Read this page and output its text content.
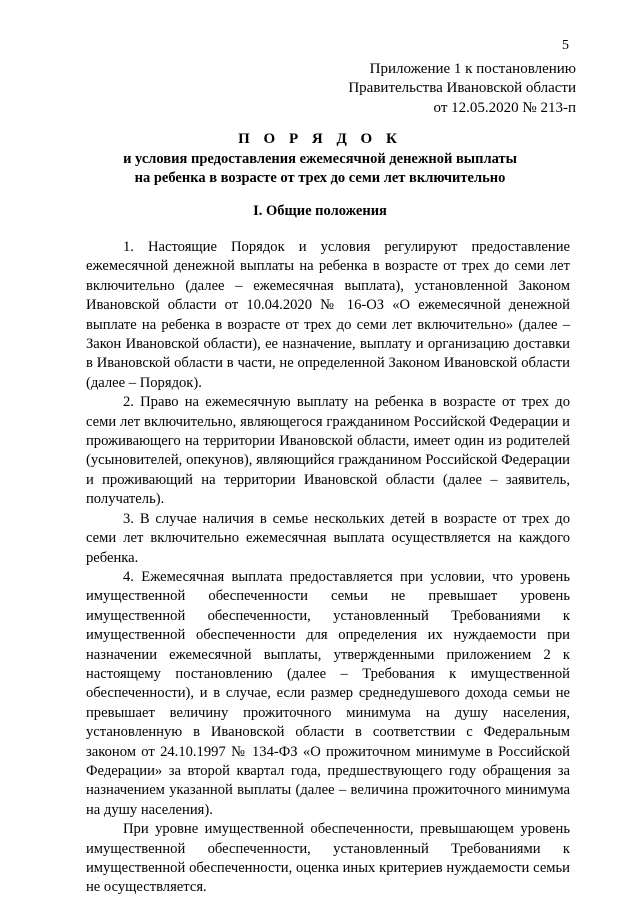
5
Приложение 1 к постановлению
Правительства Ивановской области
от 12.05.2020 № 213-п
П О Р Я Д О К
и условия предоставления ежемесячной денежной выплаты
на ребенка в возрасте от трех до семи лет включительно
I. Общие положения

1. Настоящие Порядок и условия регулируют предоставление ежемесячной денежной выплаты на ребенка в возрасте от трех до семи лет включительно (далее – ежемесячная выплата), установленной Законом Ивановской области от 10.04.2020 № 16-ОЗ «О ежемесячной денежной выплате на ребенка в возрасте от трех до семи лет включительно» (далее – Закон Ивановской области), ее назначение, выплату и организацию доставки в Ивановской области в части, не определенной Законом Ивановской области (далее – Порядок).

2. Право на ежемесячную выплату на ребенка в возрасте от трех до семи лет включительно, являющегося гражданином Российской Федерации и проживающего на территории Ивановской области, имеет один из родителей (усыновителей, опекунов), являющийся гражданином Российской Федерации и проживающий на территории Ивановской области (далее – заявитель, получатель).

3. В случае наличия в семье нескольких детей в возрасте от трех до семи лет включительно ежемесячная выплата осуществляется на каждого ребенка.

4. Ежемесячная выплата предоставляется при условии, что уровень имущественной обеспеченности семьи не превышает уровень имущественной обеспеченности, установленный Требованиями к имущественной обеспеченности для определения их нуждаемости при назначении ежемесячной выплаты, утвержденными приложением 2 к настоящему постановлению (далее – Требования к имущественной обеспеченности), и в случае, если размер среднедушевого дохода семьи не превышает величину прожиточного минимума на душу населения, установленную в Ивановской области в соответствии с Федеральным законом от 24.10.1997 № 134-ФЗ «О прожиточном минимуме в Российской Федерации» за второй квартал года, предшествующего году обращения за назначением указанной выплаты (далее – величина прожиточного минимума на душу населения).

При уровне имущественной обеспеченности, превышающем уровень имущественной обеспеченности, установленный Требованиями к имущественной обеспеченности, оценка иных критериев нуждаемости семьи не осуществляется.
